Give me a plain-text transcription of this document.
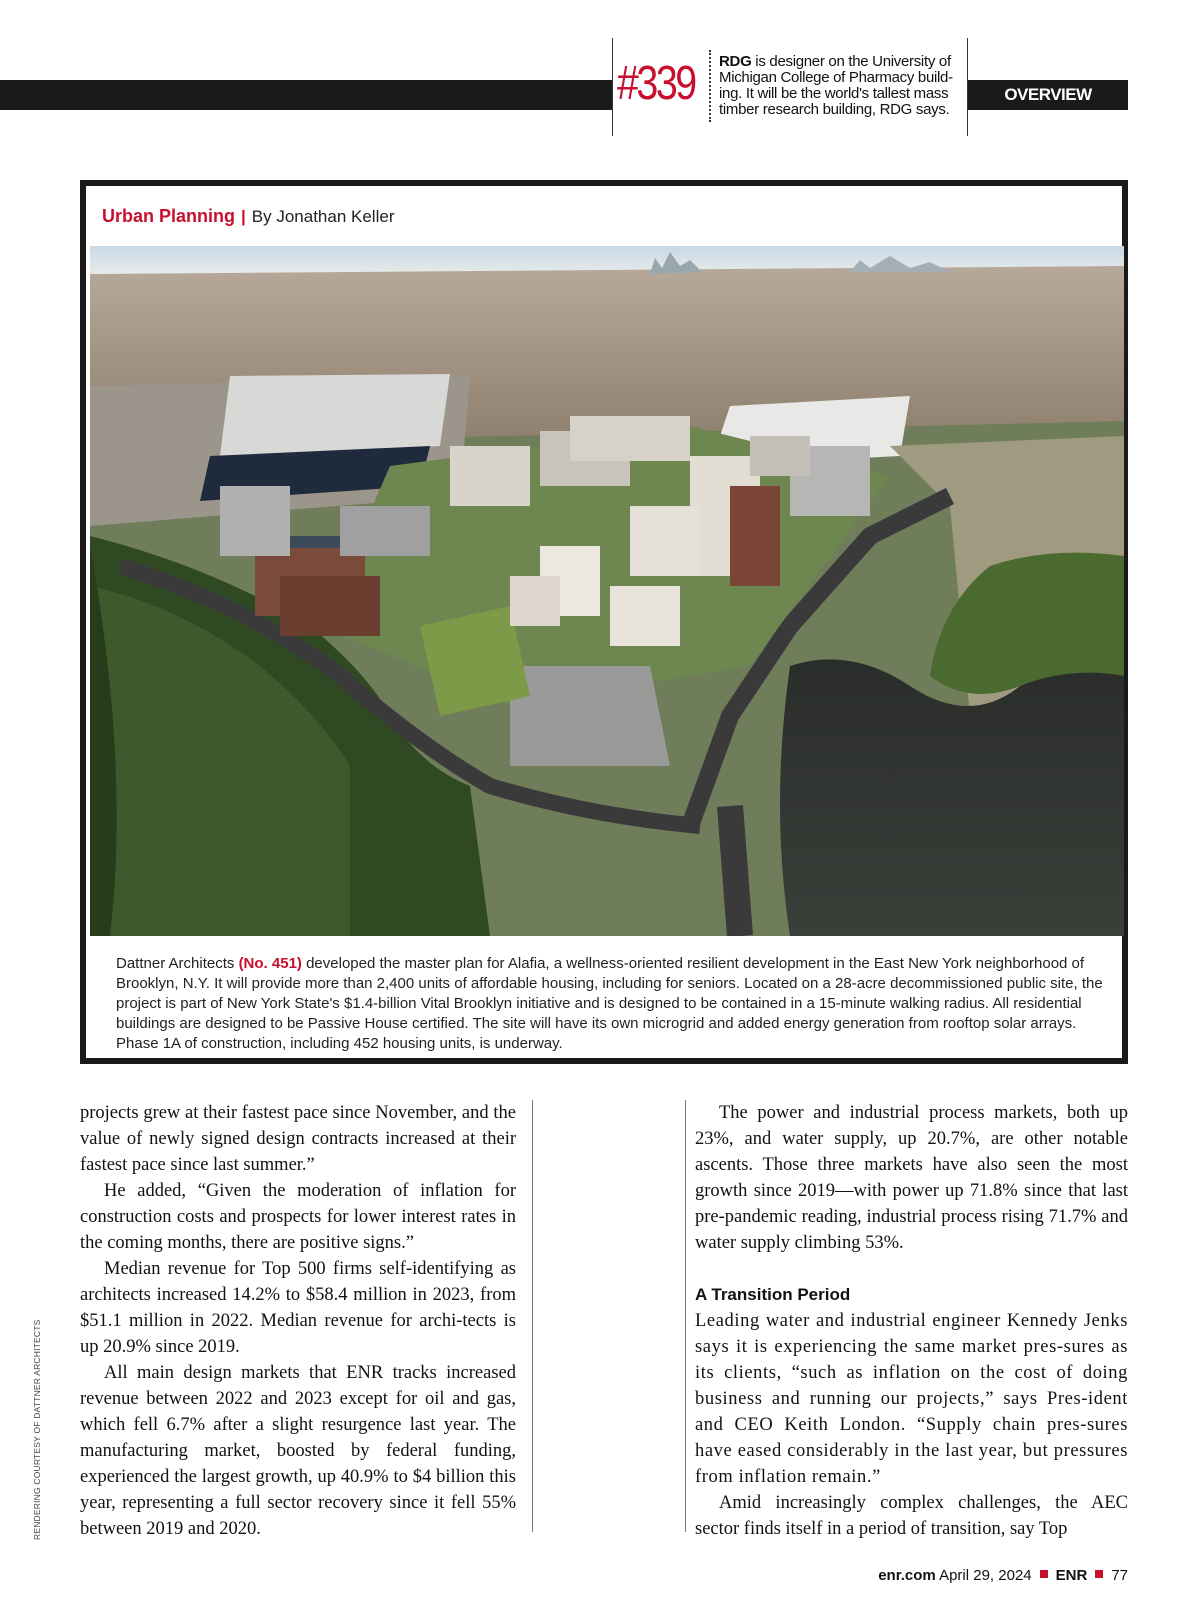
#339 RDG is designer on the University of Michigan College of Pharmacy build-ing. It will be the world's tallest mass timber research building, RDG says.
OVERVIEW
Urban Planning | By Jonathan Keller
Dattner Architects (No. 451) developed the master plan for Alafia, a wellness-oriented resilient development in the East New York neighborhood of Brooklyn, N.Y. It will provide more than 2,400 units of affordable housing, including for seniors. Located on a 28-acre decommissioned public site, the project is part of New York State's $1.4-billion Vital Brooklyn initiative and is designed to be contained in a 15-minute walking radius. All residential buildings are designed to be Passive House certified. The site will have its own microgrid and added energy generation from rooftop solar arrays. Phase 1A of construction, including 452 housing units, is underway.
RENDERING COURTESY OF DATTNER ARCHITECTS

projects grew at their fastest pace since November, and the value of newly signed design contracts increased at their fastest pace since last summer.”

He added, “Given the moderation of inflation for construction costs and prospects for lower interest rates in the coming months, there are positive signs.”

Median revenue for Top 500 firms self-identifying as architects increased 14.2% to $58.4 million in 2023, from $51.1 million in 2022. Median revenue for archi-tects is up 20.9% since 2019.

All main design markets that ENR tracks increased revenue between 2022 and 2023 except for oil and gas, which fell 6.7% after a slight resurgence last year. The manufacturing market, boosted by federal funding, experienced the largest growth, up 40.9% to $4 billion this year, representing a full sector recovery since it fell 55% between 2019 and 2020.

The power and industrial process markets, both up 23%, and water supply, up 20.7%, are other notable ascents. Those three markets have also seen the most growth since 2019—with power up 71.8% since that last pre-pandemic reading, industrial process rising 71.7% and water supply climbing 53%.

A Transition Period

Leading water and industrial engineer Kennedy Jenks says it is experiencing the same market pres-sures as its clients, “such as inflation on the cost of doing business and running our projects,” says Pres-ident and CEO Keith London. “Supply chain pres-sures have eased considerably in the last year, but pressures from inflation remain.”

Amid increasingly complex challenges, the AEC sector finds itself in a period of transition, say Top

enr.com April 29, 2024 ENR 77
